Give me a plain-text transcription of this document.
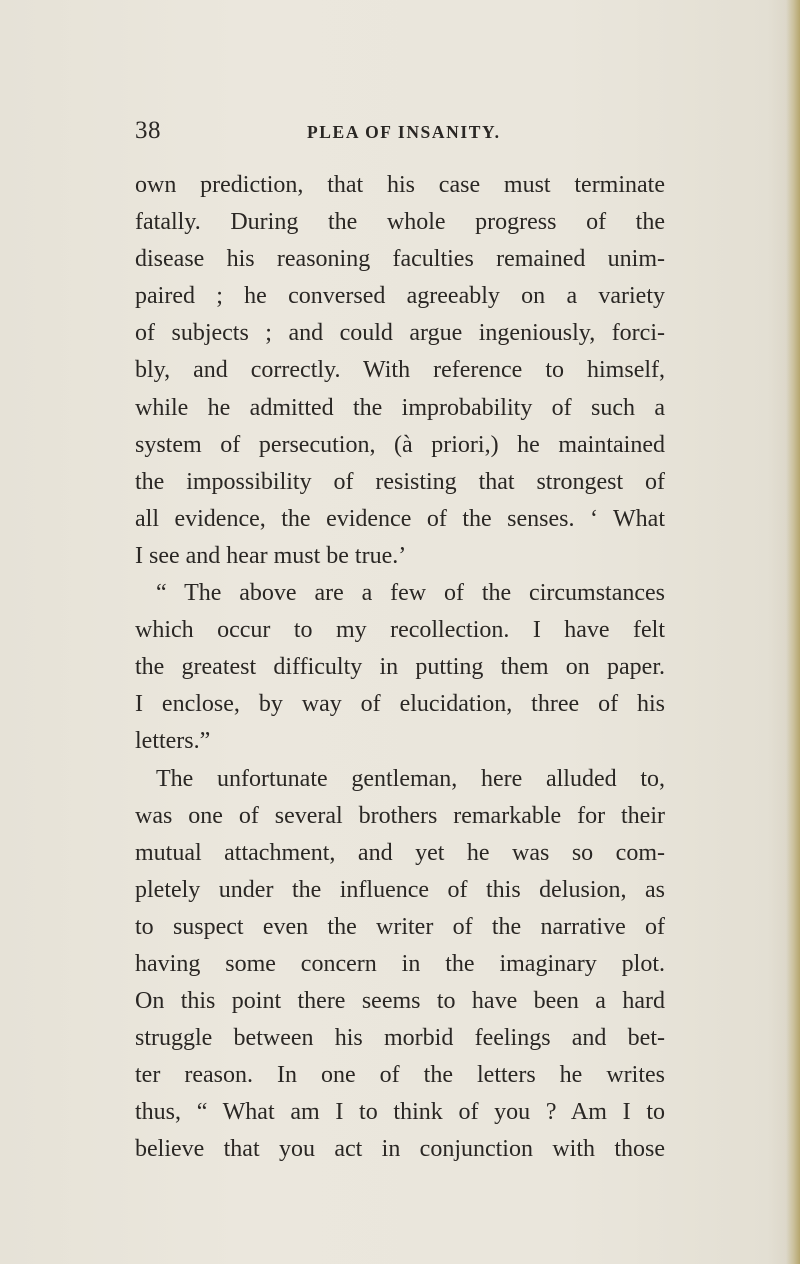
38	PLEA OF INSANITY.
own prediction, that his case must terminate
fatally. During the whole progress of the
disease his reasoning faculties remained unim-
paired ; he conversed agreeably on a variety
of subjects ; and could argue ingeniously, forci-
bly, and correctly. With reference to himself,
while he admitted the improbability of such a
system of persecution, (à priori,) he maintained
the impossibility of resisting that strongest of
all evidence, the evidence of the senses. ‘ What
I see and hear must be true.’
“ The above are a few of the circumstances
which occur to my recollection. I have felt
the greatest difficulty in putting them on paper.
I enclose, by way of elucidation, three of his
letters.”
The unfortunate gentleman, here alluded to,
was one of several brothers remarkable for their
mutual attachment, and yet he was so com-
pletely under the influence of this delusion, as
to suspect even the writer of the narrative of
having some concern in the imaginary plot.
On this point there seems to have been a hard
struggle between his morbid feelings and bet-
ter reason. In one of the letters he writes
thus, “ What am I to think of you ? Am I to
believe that you act in conjunction with those
